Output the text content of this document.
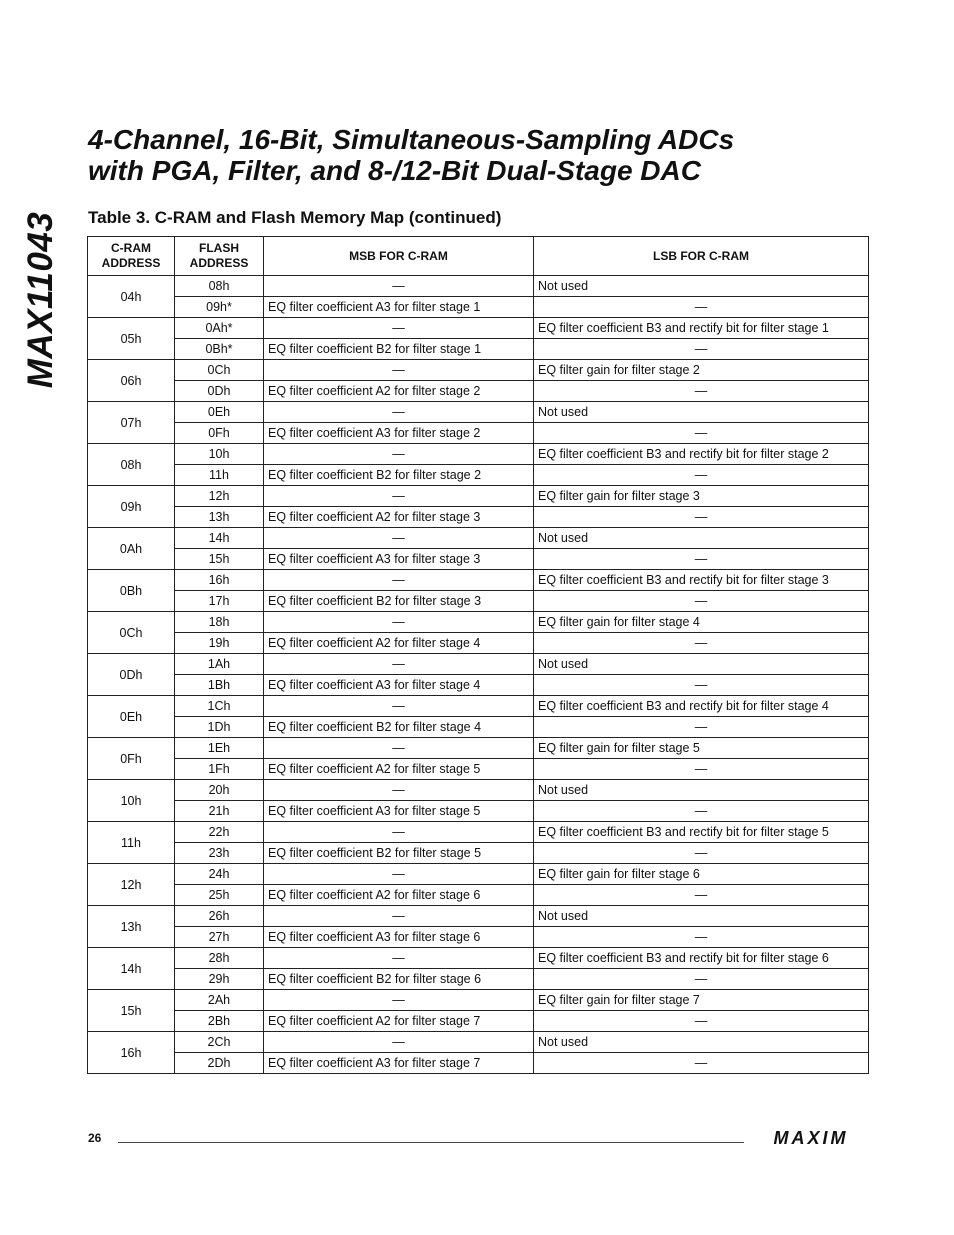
MAX11043
4-Channel, 16-Bit, Simultaneous-Sampling ADCs
with PGA, Filter, and 8-/12-Bit Dual-Stage DAC
Table 3. C-RAM and Flash Memory Map (continued)
C-RAM ADDRESS	FLASH ADDRESS	MSB FOR C-RAM	LSB FOR C-RAM
04h	08h	—	Not used
	09h*	EQ filter coefficient A3 for filter stage 1	—
05h	0Ah*	—	EQ filter coefficient B3 and rectify bit for filter stage 1
	0Bh*	EQ filter coefficient B2 for filter stage 1	—
06h	0Ch	—	EQ filter gain for filter stage 2
	0Dh	EQ filter coefficient A2 for filter stage 2	—
07h	0Eh	—	Not used
	0Fh	EQ filter coefficient A3 for filter stage 2	—
08h	10h	—	EQ filter coefficient B3 and rectify bit for filter stage 2
	11h	EQ filter coefficient B2 for filter stage 2	—
09h	12h	—	EQ filter gain for filter stage 3
	13h	EQ filter coefficient A2 for filter stage 3	—
0Ah	14h	—	Not used
	15h	EQ filter coefficient A3 for filter stage 3	—
0Bh	16h	—	EQ filter coefficient B3 and rectify bit for filter stage 3
	17h	EQ filter coefficient B2 for filter stage 3	—
0Ch	18h	—	EQ filter gain for filter stage 4
	19h	EQ filter coefficient A2 for filter stage 4	—
0Dh	1Ah	—	Not used
	1Bh	EQ filter coefficient A3 for filter stage 4	—
0Eh	1Ch	—	EQ filter coefficient B3 and rectify bit for filter stage 4
	1Dh	EQ filter coefficient B2 for filter stage 4	—
0Fh	1Eh	—	EQ filter gain for filter stage 5
	1Fh	EQ filter coefficient A2 for filter stage 5	—
10h	20h	—	Not used
	21h	EQ filter coefficient A3 for filter stage 5	—
11h	22h	—	EQ filter coefficient B3 and rectify bit for filter stage 5
	23h	EQ filter coefficient B2 for filter stage 5	—
12h	24h	—	EQ filter gain for filter stage 6
	25h	EQ filter coefficient A2 for filter stage 6	—
13h	26h	—	Not used
	27h	EQ filter coefficient A3 for filter stage 6	—
14h	28h	—	EQ filter coefficient B3 and rectify bit for filter stage 6
	29h	EQ filter coefficient B2 for filter stage 6	—
15h	2Ah	—	EQ filter gain for filter stage 7
	2Bh	EQ filter coefficient A2 for filter stage 7	—
16h	2Ch	—	Not used
	2Dh	EQ filter coefficient A3 for filter stage 7	—
26	MAXIM
